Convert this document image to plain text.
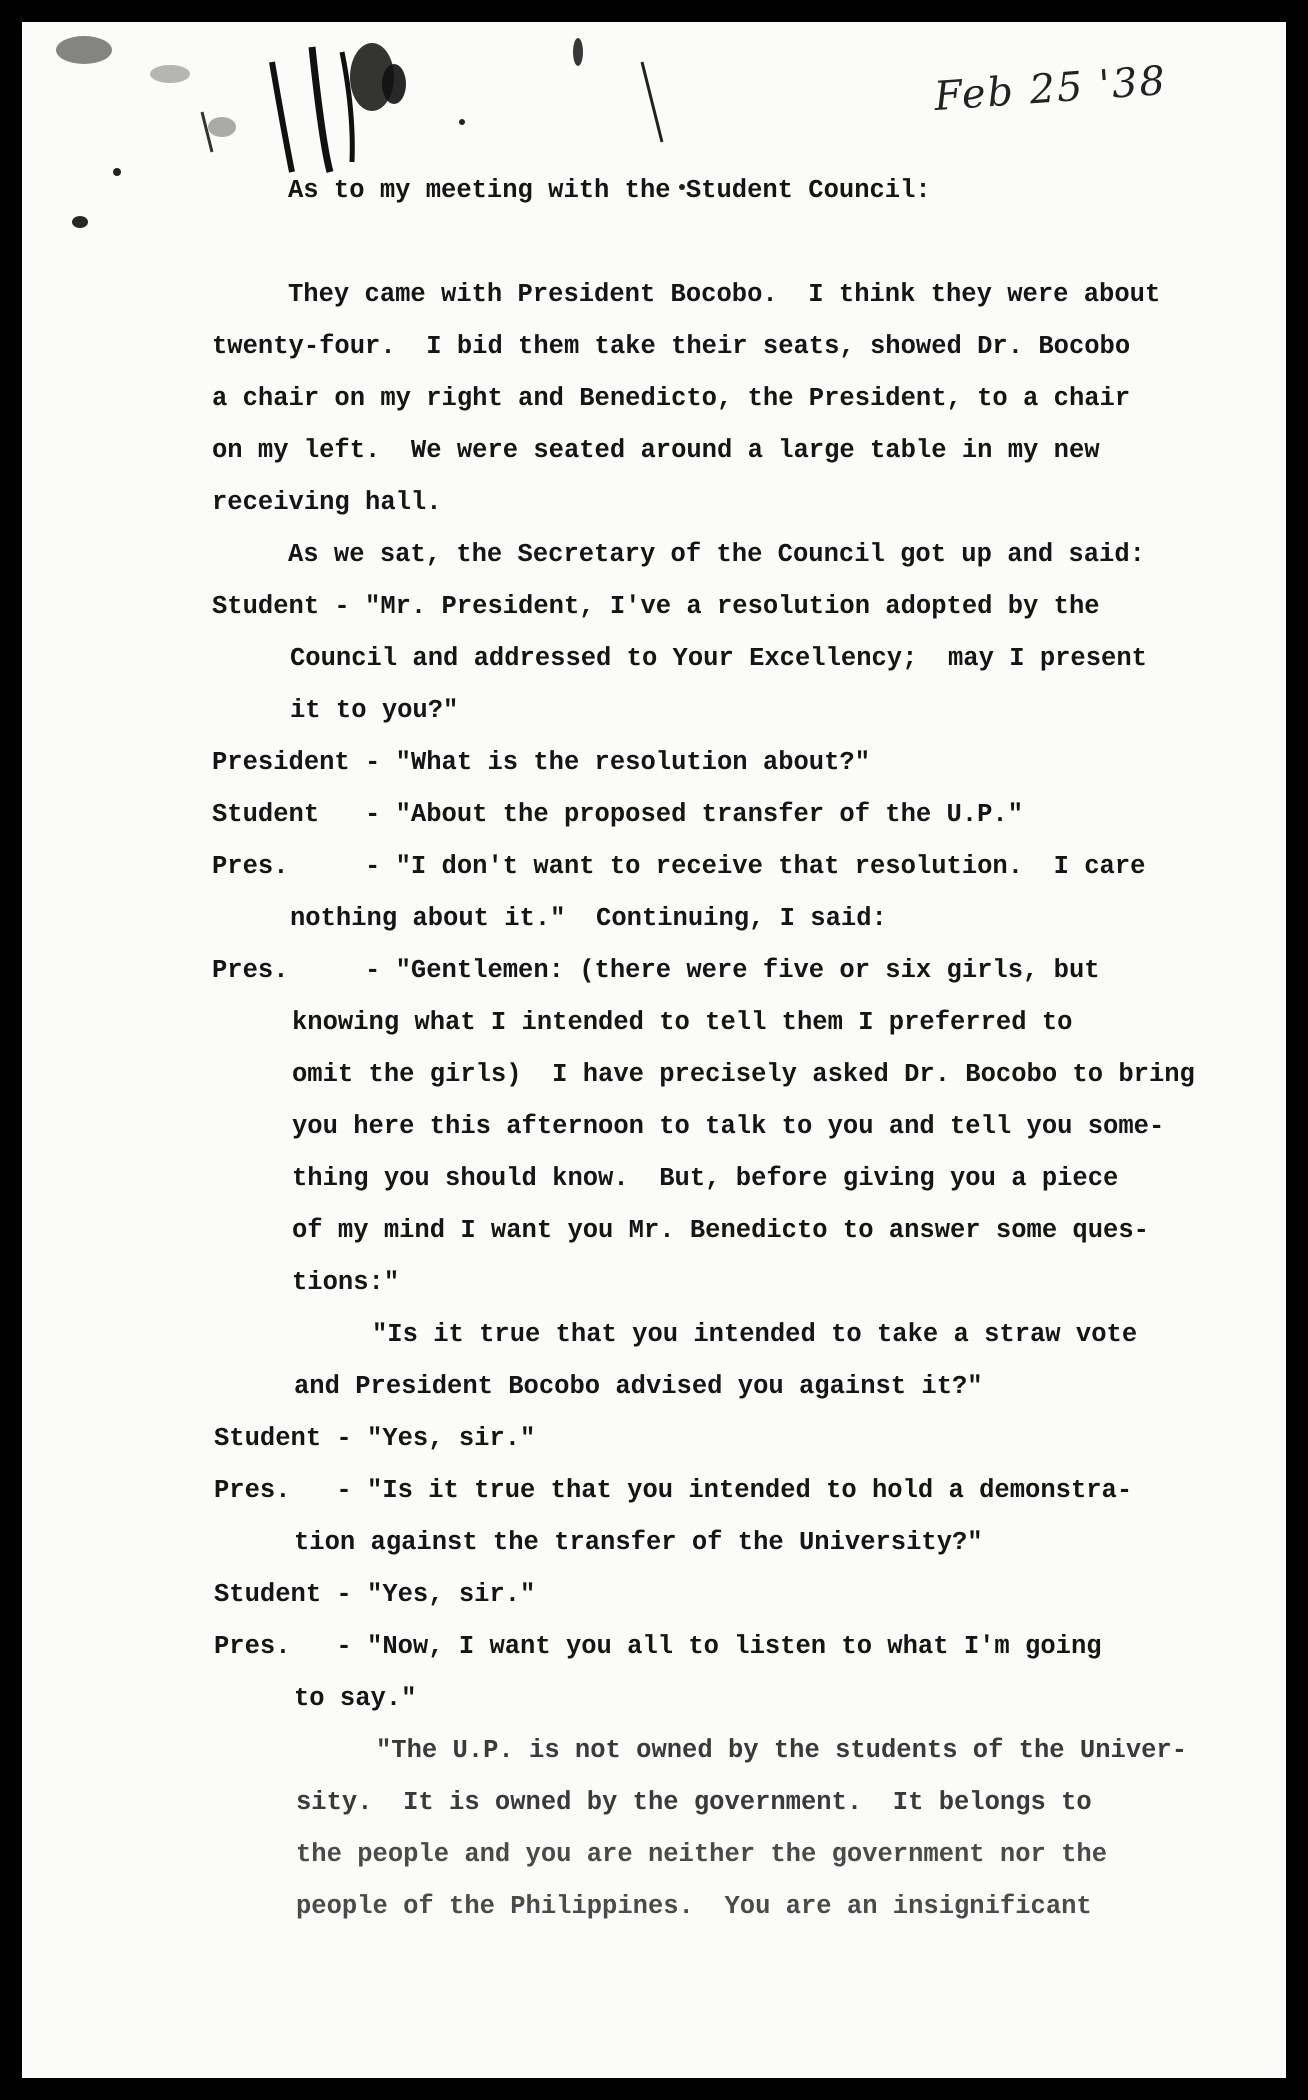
Feb 25 '38

As to my meeting with the Student Council:

They came with President Bocobo.  I think they were about

twenty-four.  I bid them take their seats, showed Dr. Bocobo

a chair on my right and Benedicto, the President, to a chair

on my left.  We were seated around a large table in my new

receiving hall.

As we sat, the Secretary of the Council got up and said:

Student - "Mr. President, I've a resolution adopted by the

Council and addressed to Your Excellency;  may I present

it to you?"

President - "What is the resolution about?"

Student   - "About the proposed transfer of the U.P."

Pres.     - "I don't want to receive that resolution.  I care

nothing about it."  Continuing, I said:

Pres.     - "Gentlemen: (there were five or six girls, but

knowing what I intended to tell them I preferred to

omit the girls)  I have precisely asked Dr. Bocobo to bring

you here this afternoon to talk to you and tell you some-

thing you should know.  But, before giving you a piece

of my mind I want you Mr. Benedicto to answer some ques-

tions:"

"Is it true that you intended to take a straw vote

and President Bocobo advised you against it?"

Student - "Yes, sir."

Pres.   - "Is it true that you intended to hold a demonstra-

tion against the transfer of the University?"

Student - "Yes, sir."

Pres.   - "Now, I want you all to listen to what I'm going

to say."

"The U.P. is not owned by the students of the Univer-

sity.  It is owned by the government.  It belongs to

the people and you are neither the government nor the

people of the Philippines.  You are an insignificant
